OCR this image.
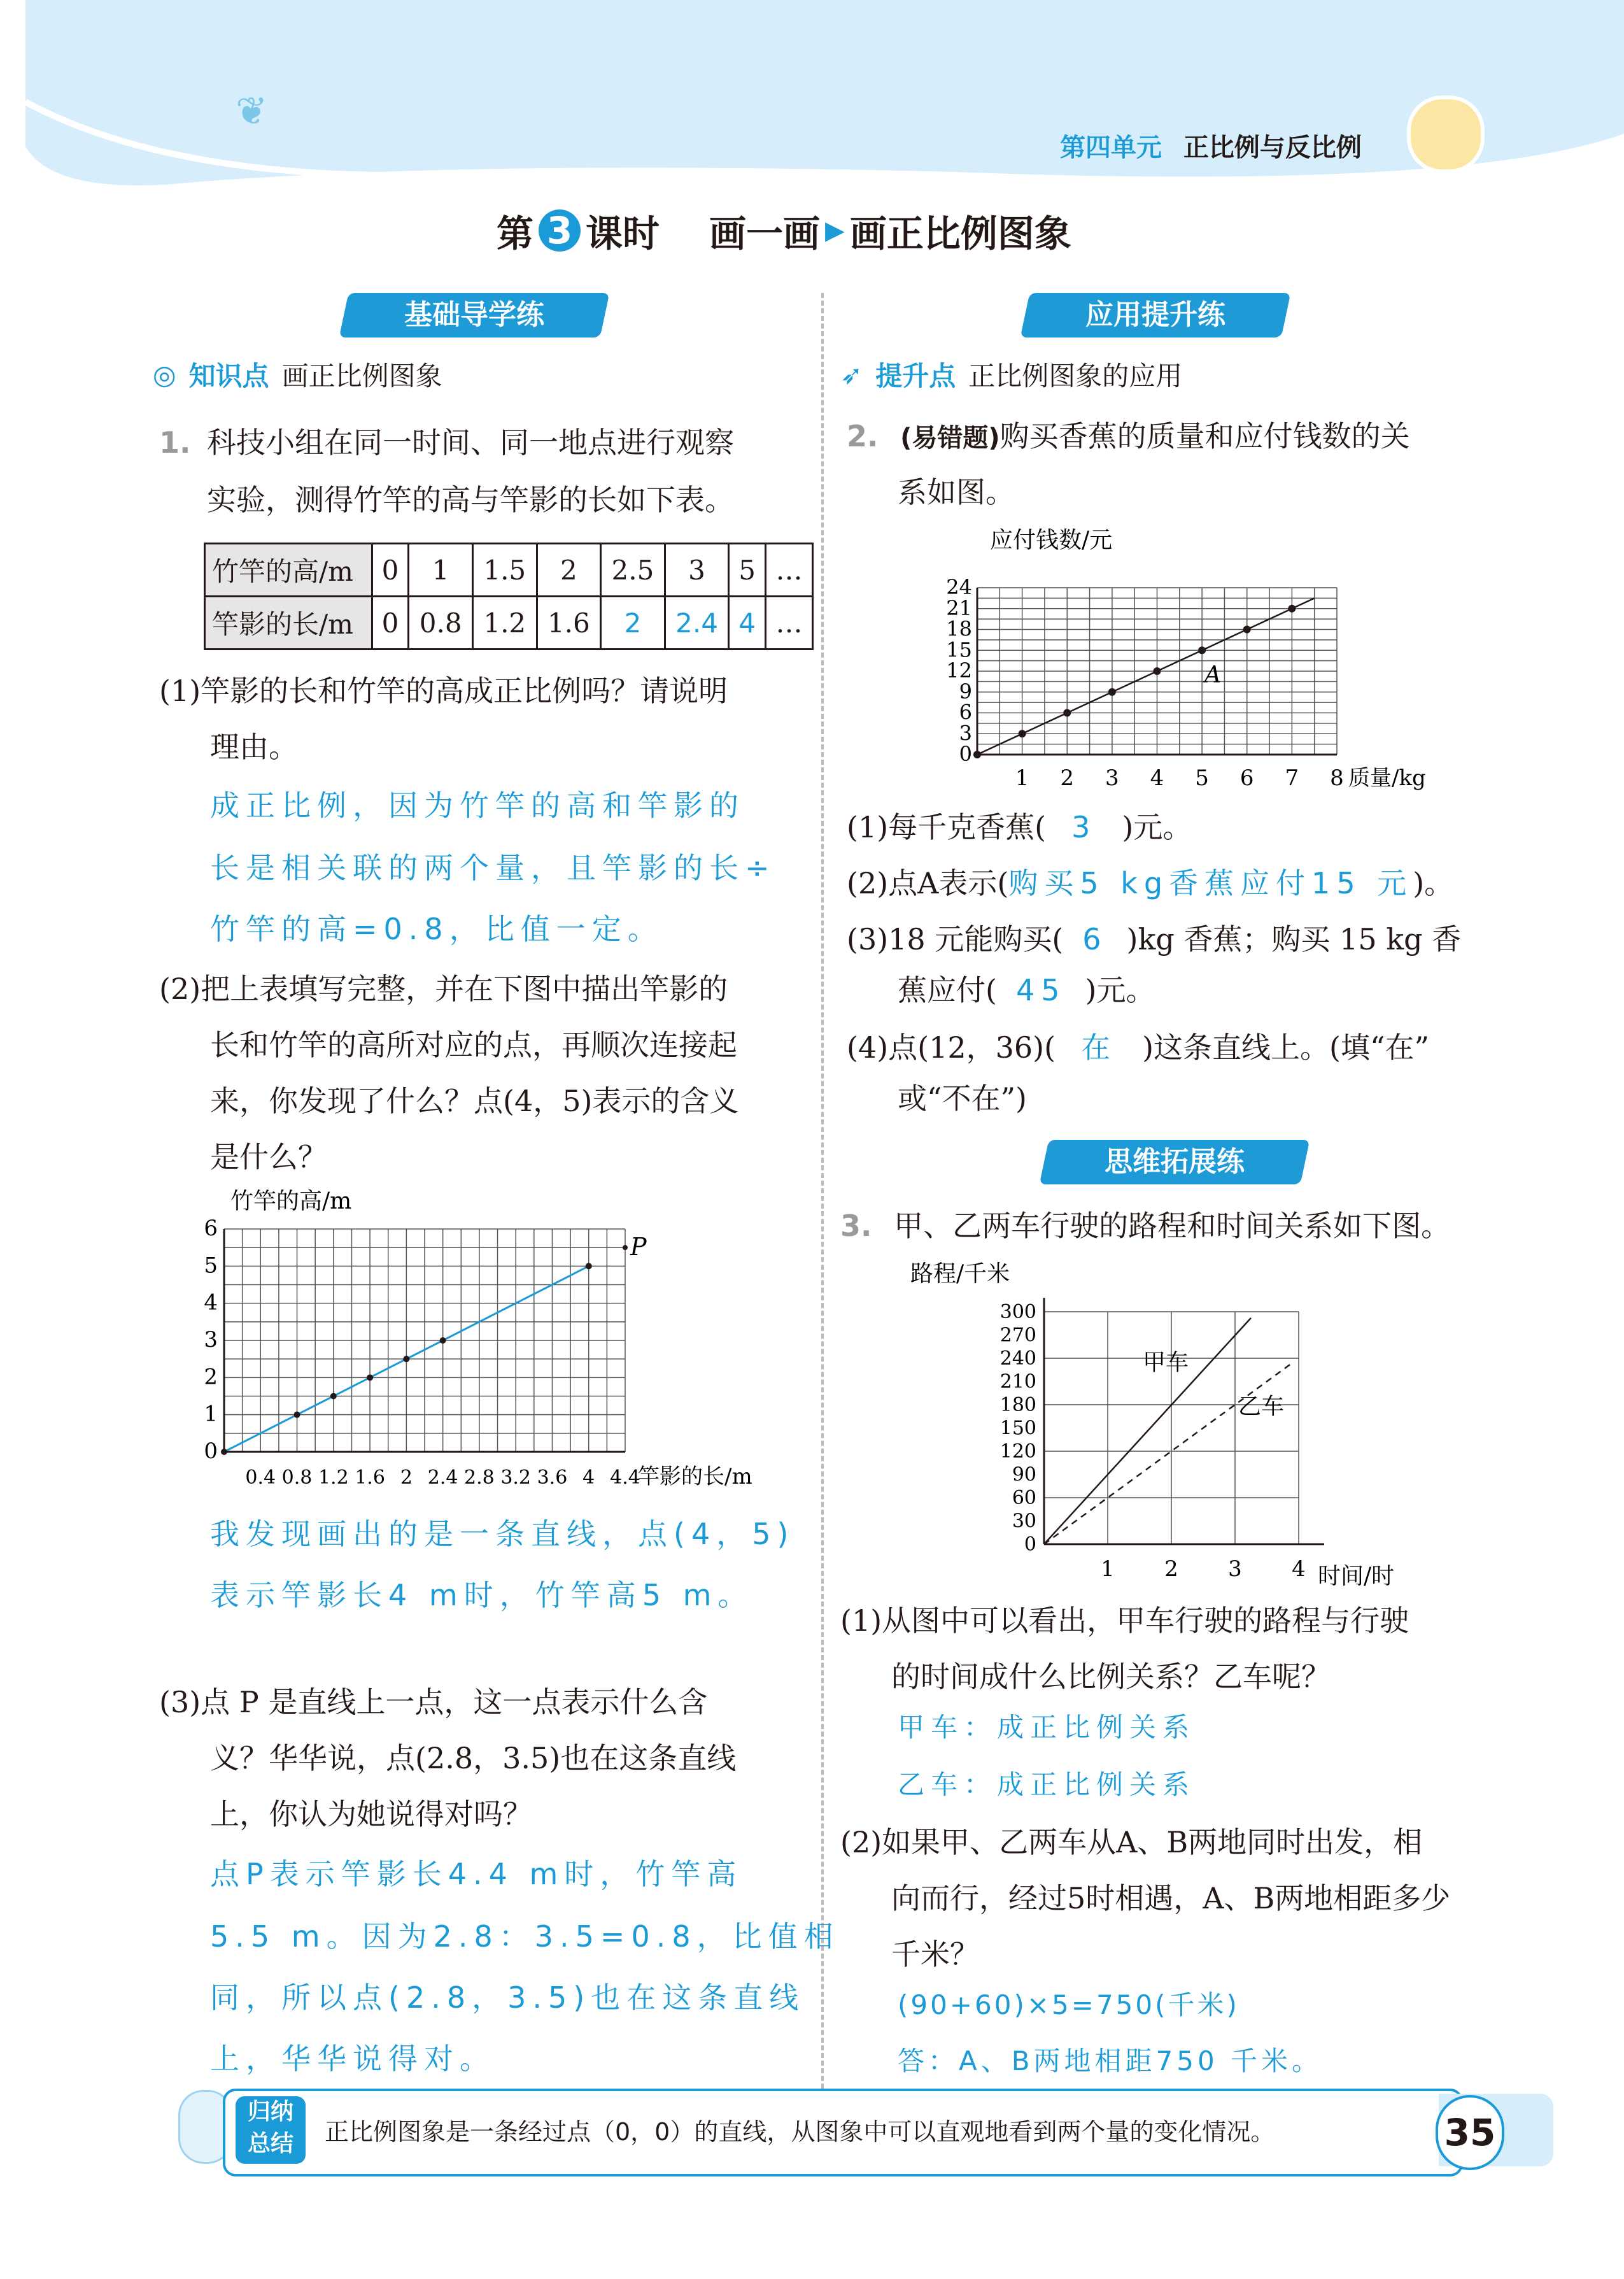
❦
第四单元 正比例与反比例
第 3 课时 画一画 ▶ 画正比例图象
基础导学练
◎ 知识点 画正比例图象
1. 科技小组在同一时间、同一地点进行观察
实验，测得竹竿的高与竿影的长如下表。
竹竿的高/m	0	1	1.5	2	2.5	3	5	…
竿影的长/m	0	0.8	1.2	1.6	2	2.4	4	…
(1)竿影的长和竹竿的高成正比例吗？请说明
理由。
成正比例，因为竹竿的高和竿影的
长是相关联的两个量，且竿影的长÷
竹竿的高=0.8，比值一定。
(2)把上表填写完整，并在下图中描出竿影的
长和竹竿的高所对应的点，再顺次连接起
来，你发现了什么？点(4，5)表示的含义
是什么？
0.4 0.8 1.2 1.6 2 2.4 2.8 3.2 3.6 4 4.4
0
1
2
3
4
5
6
竿影的长/m
竹竿的高/m
P
我发现画出的是一条直线，点(4，5)
表示竿影长4 m时，竹竿高5 m。
(3)点 P 是直线上一点，这一点表示什么含
义？华华说，点(2.8，3.5)也在这条直线
上，你认为她说得对吗？
点P表示竿影长4.4 m时，竹竿高
5.5 m。因为2.8：3.5=0.8，比值相
同，所以点(2.8，3.5)也在这条直线
上，华华说得对。
应用提升练
➶ 提升点 正比例图象的应用
2. (易错题)购买香蕉的质量和应付钱数的关
系如图。
1 2 3 4 5 6 7 8
0
3
6
9
12
15
18
21
24
质量/kg
应付钱数/元
A
(1)每千克香蕉( 3 )元。
(2)点A表示(购买5 kg香蕉应付15 元)。
(3)18 元能购买( 6 )kg 香蕉；购买 15 kg 香
蕉应付( 45 )元。
(4)点(12，36)( 在 )这条直线上。(填“在”
或“不在”)
思维拓展练
3. 甲、乙两车行驶的路程和时间关系如下图。
1 2 3 4
0
30
60
90
120
150
180
210
240
270
300
时间/时
路程/千米
甲车
乙车
(1)从图中可以看出，甲车行驶的路程与行驶
的时间成什么比例关系？乙车呢？
甲车：成正比例关系
乙车：成正比例关系
(2)如果甲、乙两车从A、B两地同时出发，相
向而行，经过5时相遇，A、B两地相距多少
千米？
(90+60)×5=750(千米)
答：A、B两地相距750 千米。
归纳
总结	正比例图象是一条经过点（0，0）的直线，从图象中可以直观地看到两个量的变化情况。	35
